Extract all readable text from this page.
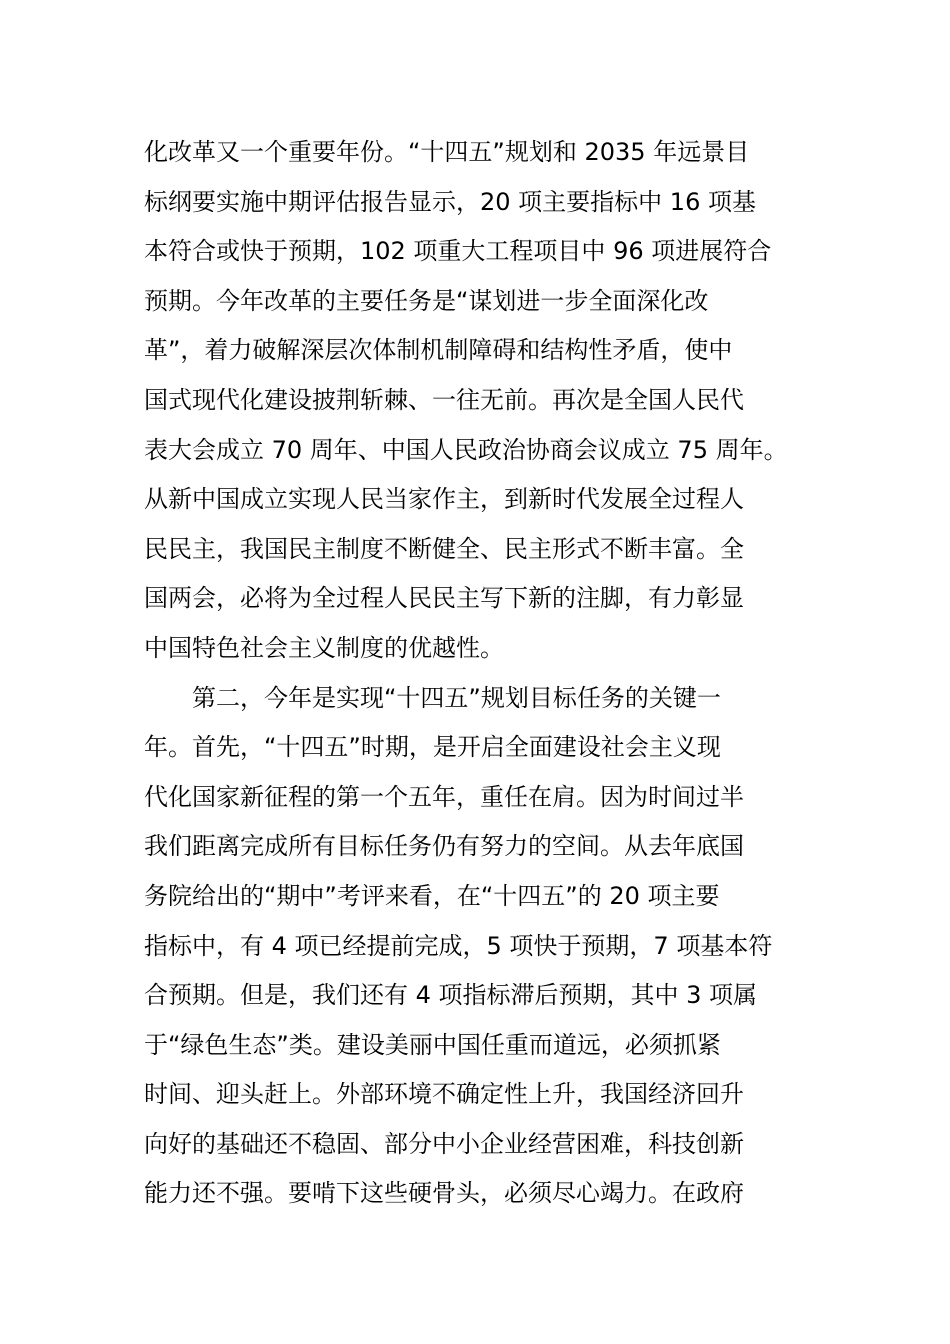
化改革又一个重要年份。“十四五”规划和 2035 年远景目
标纲要实施中期评估报告显示，20 项主要指标中 16 项基
本符合或快于预期，102 项重大工程项目中 96 项进展符合
预期。今年改革的主要任务是“谋划进一步全面深化改
革”，着力破解深层次体制机制障碍和结构性矛盾，使中
国式现代化建设披荆斩棘、一往无前。再次是全国人民代
表大会成立 70 周年、中国人民政治协商会议成立 75 周年。
从新中国成立实现人民当家作主，到新时代发展全过程人
民民主，我国民主制度不断健全、民主形式不断丰富。全
国两会，必将为全过程人民民主写下新的注脚，有力彰显
中国特色社会主义制度的优越性。
　　第二，今年是实现“十四五”规划目标任务的关键一
年。首先，“十四五”时期，是开启全面建设社会主义现
代化国家新征程的第一个五年，重任在肩。因为时间过半
我们距离完成所有目标任务仍有努力的空间。从去年底国
务院给出的“期中”考评来看，在“十四五”的 20 项主要
指标中，有 4 项已经提前完成，5 项快于预期，7 项基本符
合预期。但是，我们还有 4 项指标滞后预期，其中 3 项属
于“绿色生态”类。建设美丽中国任重而道远，必须抓紧
时间、迎头赶上。外部环境不确定性上升，我国经济回升
向好的基础还不稳固、部分中小企业经营困难，科技创新
能力还不强。要啃下这些硬骨头，必须尽心竭力。在政府
